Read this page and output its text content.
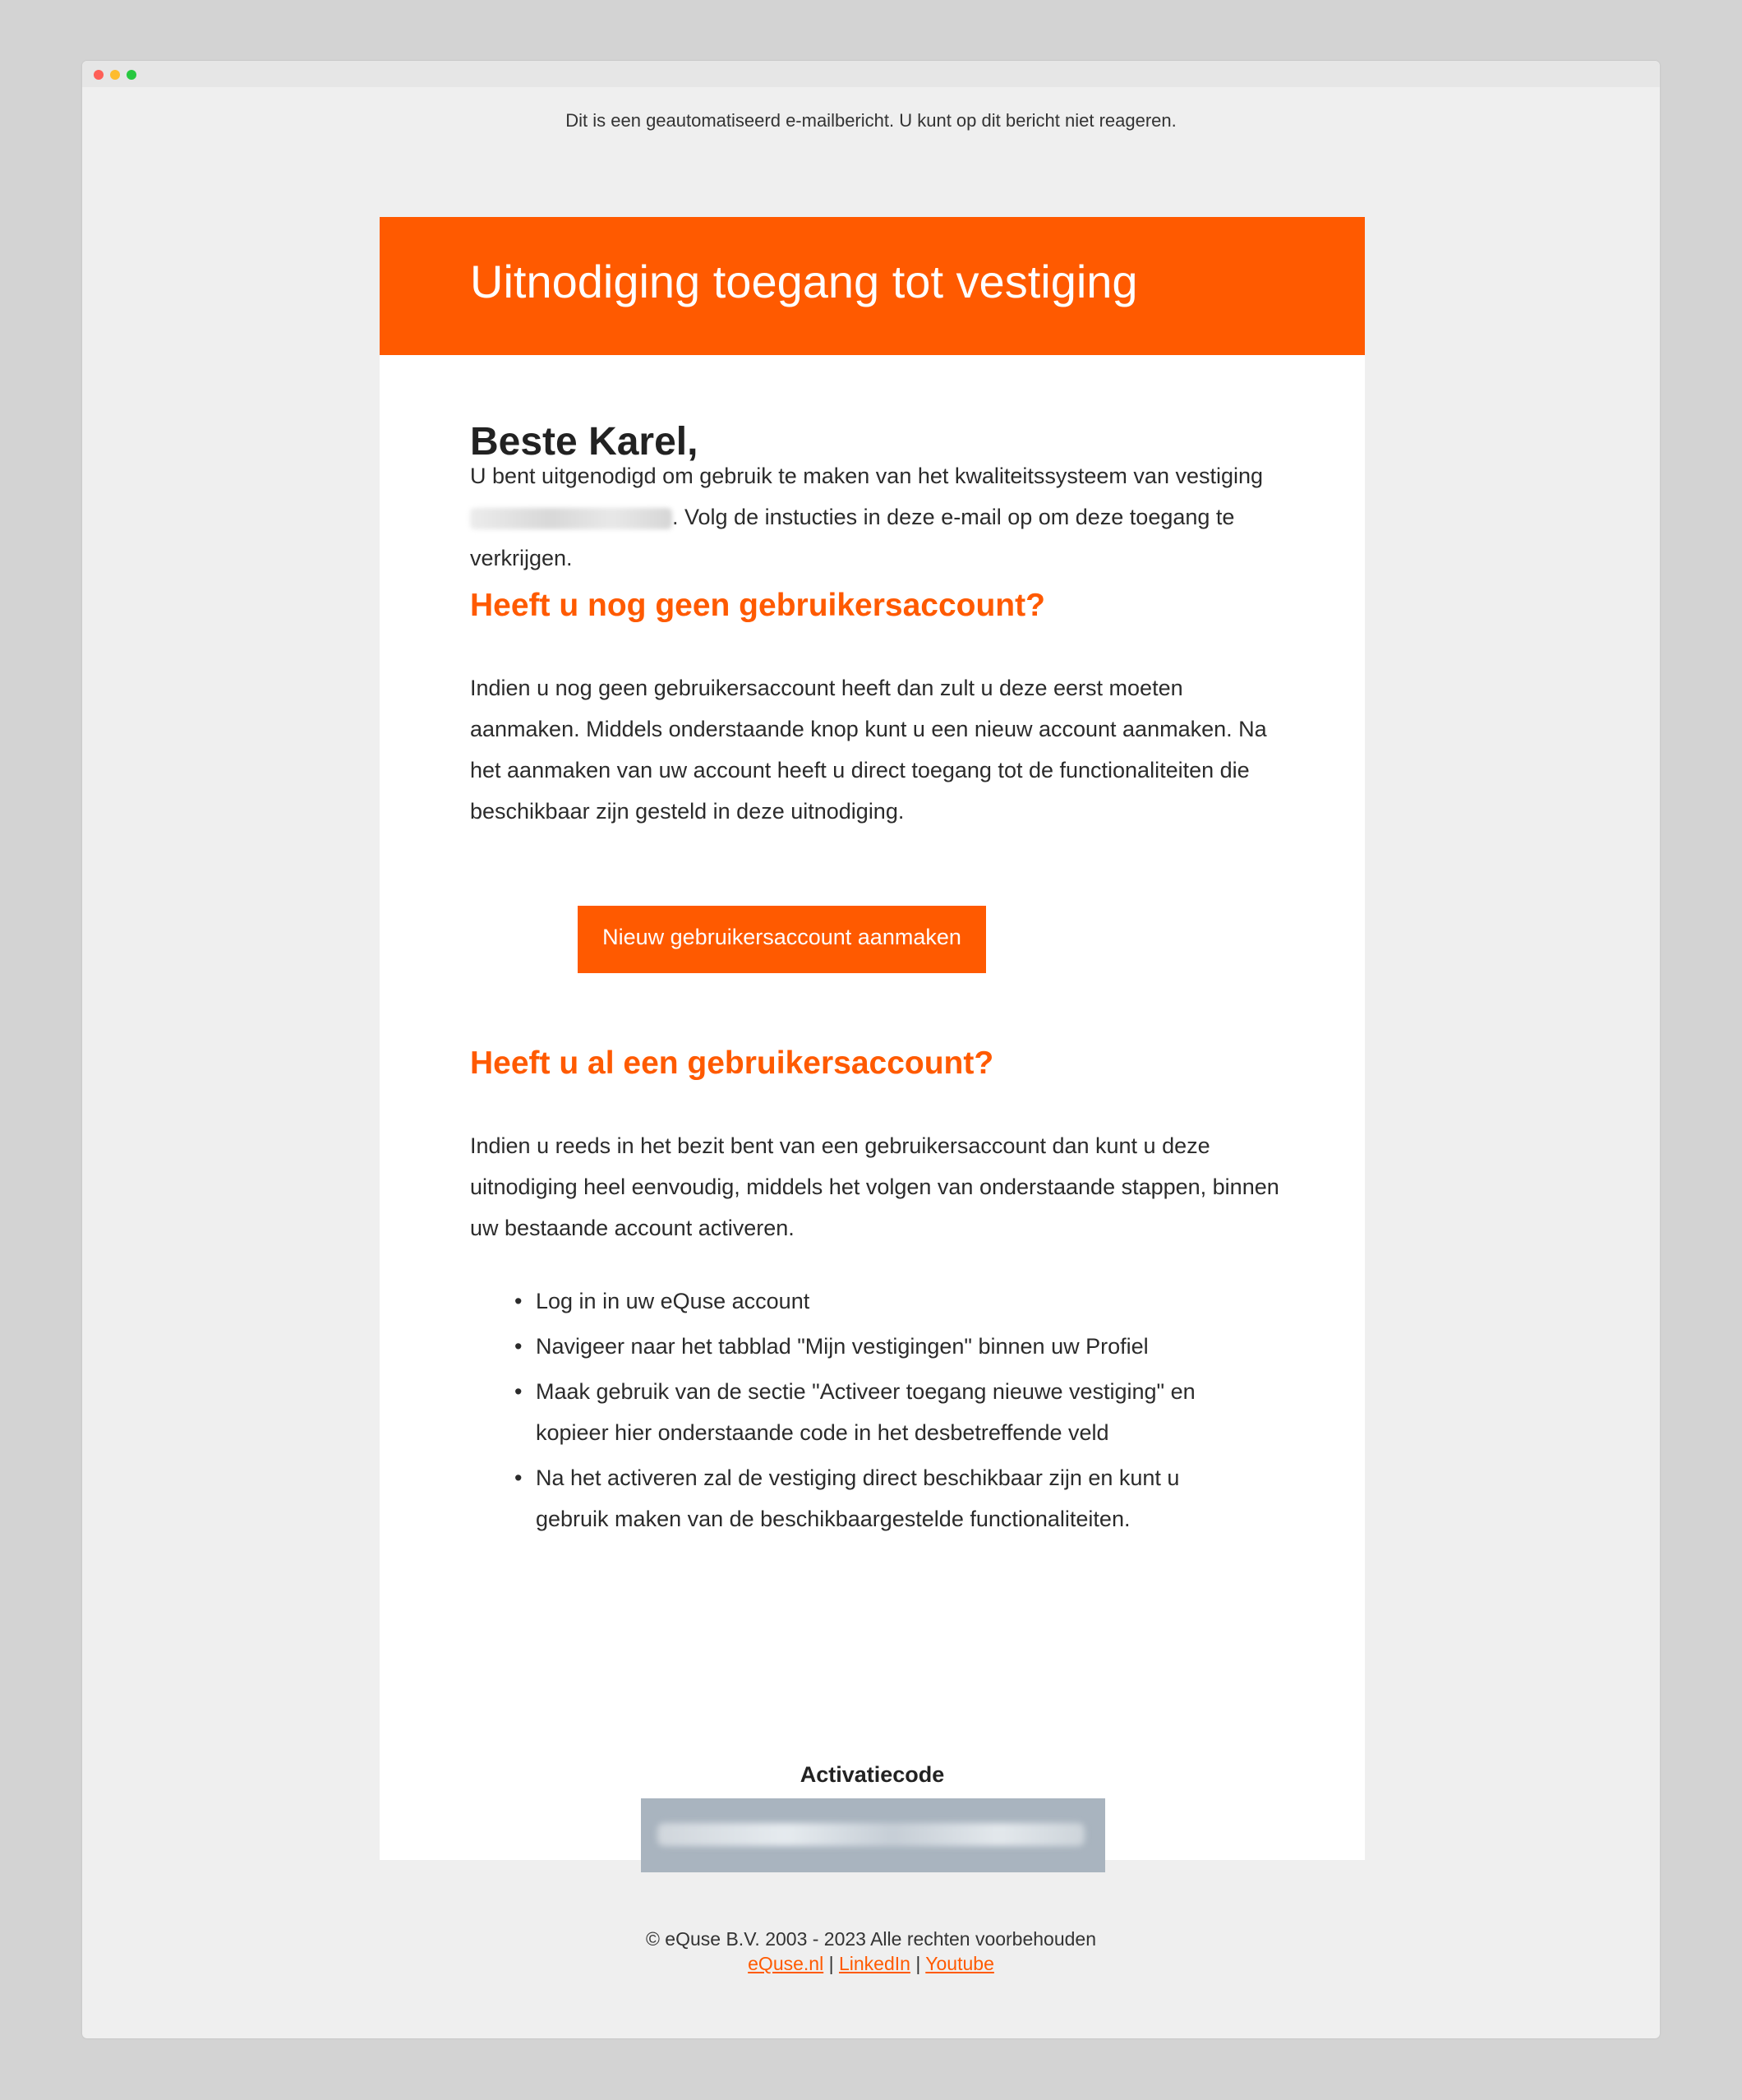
Dit is een geautomatiseerd e-mailbericht. U kunt op dit bericht niet reageren.
Uitnodiging toegang tot vestiging
Beste Karel,

U bent uitgenodigd om gebruik te maken van het kwaliteitssysteem van vestiging . Volg de instucties in deze e-mail op om deze toegang te verkrijgen.

Heeft u nog geen gebruikersaccount?

Indien u nog geen gebruikersaccount heeft dan zult u deze eerst moeten aanmaken. Middels onderstaande knop kunt u een nieuw account aanmaken. Na het aanmaken van uw account heeft u direct toegang tot de functionaliteiten die beschikbaar zijn gesteld in deze uitnodiging.

Nieuw gebruikersaccount aanmaken
Heeft u al een gebruikersaccount?

Indien u reeds in het bezit bent van een gebruikersaccount dan kunt u deze uitnodiging heel eenvoudig, middels het volgen van onderstaande stappen, binnen uw bestaande account activeren.

• Log in in uw eQuse account
• Navigeer naar het tabblad "Mijn vestigingen" binnen uw Profiel
• Maak gebruik van de sectie "Activeer toegang nieuwe vestiging" en kopieer hier onderstaande code in het desbetreffende veld
• Na het activeren zal de vestiging direct beschikbaar zijn en kunt u gebruik maken van de beschikbaargestelde functionaliteiten.
Activatiecode
© eQuse B.V. 2003 - 2023 Alle rechten voorbehouden
eQuse.nl | LinkedIn | Youtube
